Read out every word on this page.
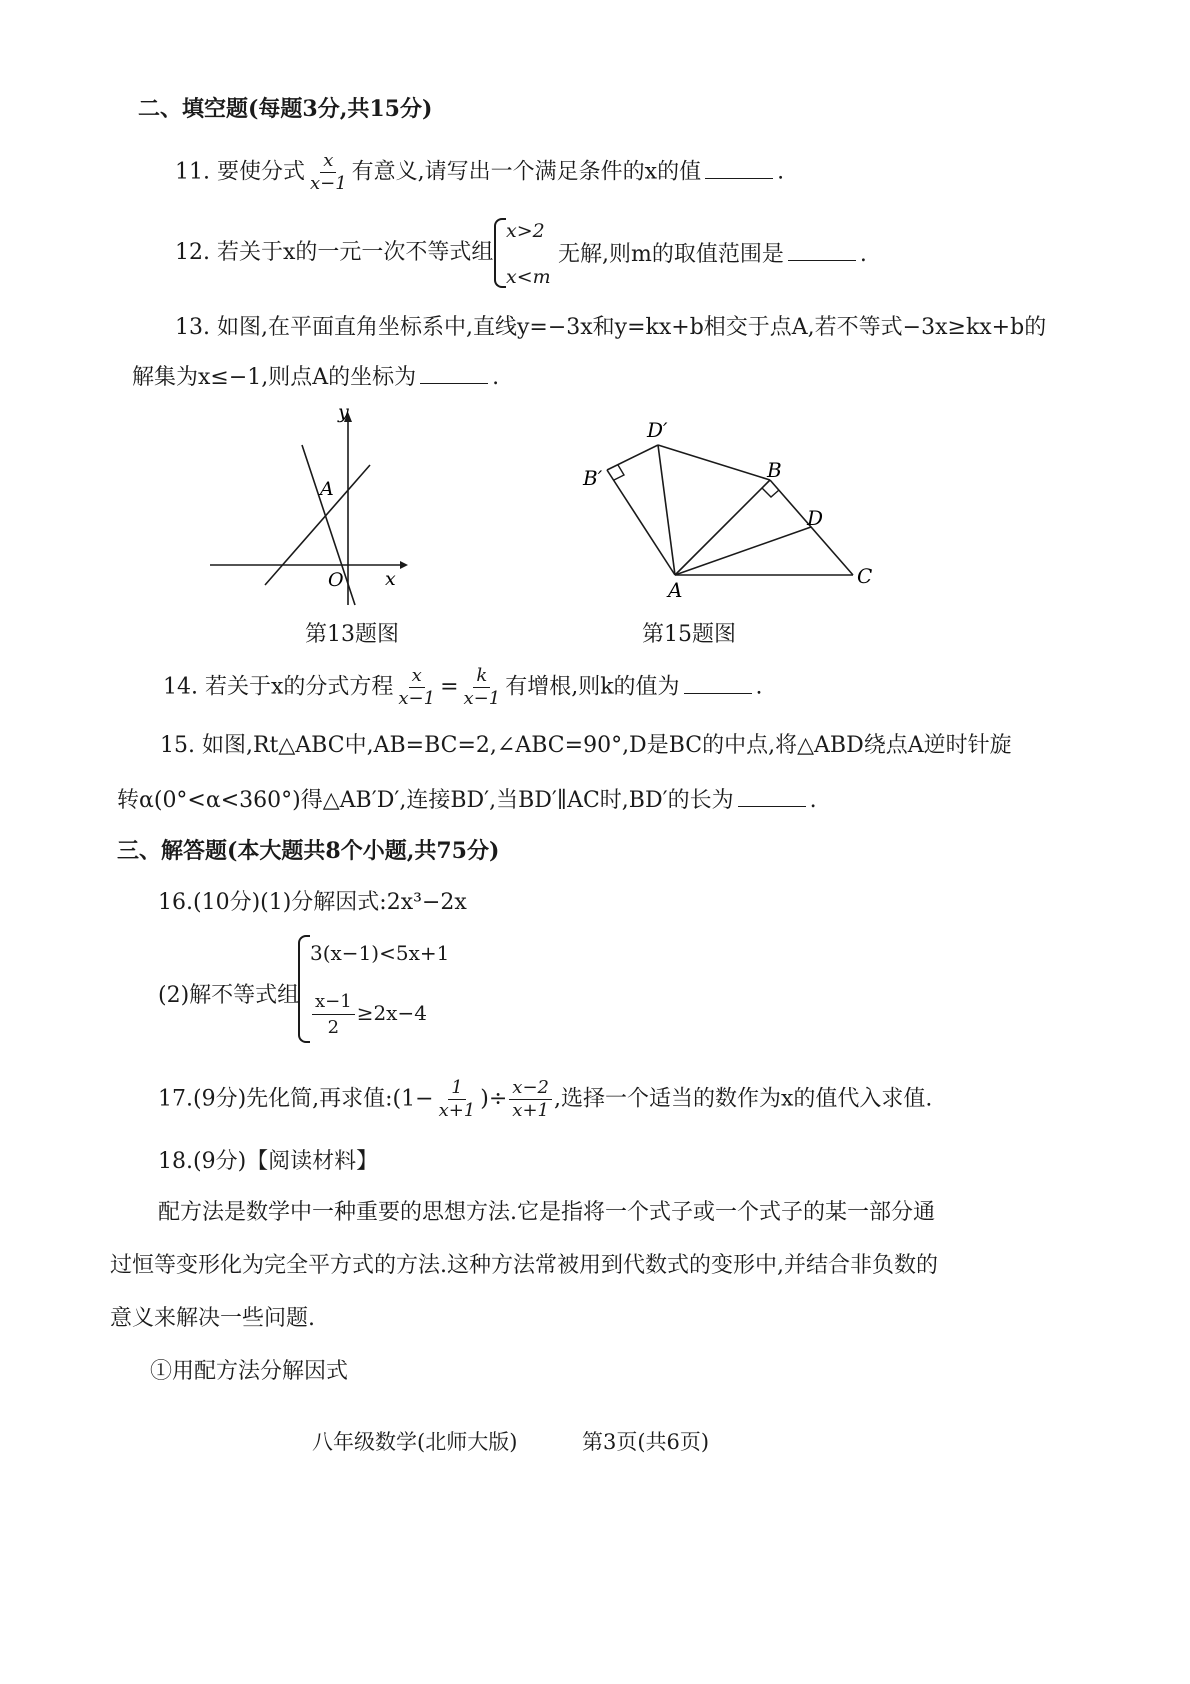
二、填空题(每题3分,共15分)
11. 要使分式 $\frac{x}{x-1}$ 有意义,请写出一个满足条件的x的值	.
12. 若关于x的一元一次不等式组
x>2
x<m
无解,则m的取值范围是	.
13. 如图,在平面直角坐标系中,直线y=−3x和y=kx+b相交于点A,若不等式−3x≥kx+b的
解集为x≤−1,则点A的坐标为	.
y
x
A
O
第13题图
D′
B′	B
D
A
C
第15题图
14. 若关于x的分式方程 $\frac{x}{x-1} = \frac{k}{x-1}$ 有增根,则k的值为	.
15. 如图,Rt△ABC中,AB=BC=2,∠ABC=90°,D是BC的中点,将△ABD绕点A逆时针旋
转α(0°<α<360°)得△AB′D′,连接BD′,当BD′∥AC时,BD′的长为	.
三、解答题(本大题共8个小题,共75分)
16.(10分)(1)分解因式:2x³−2x
(2)解不等式组
3(x−1)<5x+1
$\frac{x-1}{2} \ge 2x-4$
17.(9分)先化简,再求值:(1− $\frac{1}{x+1}$ )÷ $\frac{x-2}{x+1}$ ,选择一个适当的数作为x的值代入求值.
18.(9分)【阅读材料】
配方法是数学中一种重要的思想方法.它是指将一个式子或一个式子的某一部分通
过恒等变形化为完全平方式的方法.这种方法常被用到代数式的变形中,并结合非负数的
意义来解决一些问题.
①用配方法分解因式
八年级数学(北师大版)	第3页(共6页)
